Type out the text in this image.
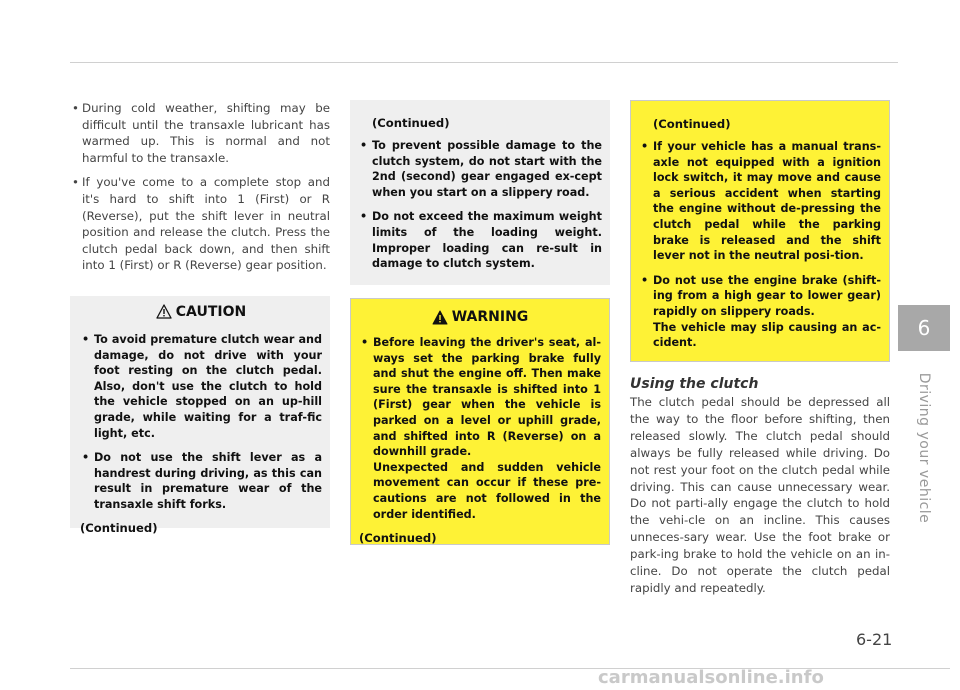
• During cold weather, shifting may be difficult until the transaxle lubricant has warmed up. This is normal and not harmful to the transaxle.
• If you've come to a complete stop and it's hard to shift into 1 (First) or R (Reverse), put the shift lever in neutral position and release the clutch. Press the clutch pedal back down, and then shift into 1 (First) or R (Reverse) gear position.
CAUTION
• To avoid premature clutch wear and damage, do not drive with your foot resting on the clutch pedal. Also, don't use the clutch to hold the vehicle stopped on an up-hill grade, while waiting for a traf-fic light, etc.
• Do not use the shift lever as a handrest during driving, as this can result in premature wear of the transaxle shift forks.
(Continued)
(Continued)
• To prevent possible damage to the clutch system, do not start with the 2nd (second) gear engaged ex-cept when you start on a slippery road.
• Do not exceed the maximum weight limits of the loading weight. Improper loading can re-sult in damage to clutch system.
WARNING
• Before leaving the driver's seat, al-ways set the parking brake fully and shut the engine off. Then make sure the transaxle is shifted into 1 (First) gear when the vehicle is parked on a level or uphill grade, and shifted into R (Reverse) on a downhill grade.
Unexpected and sudden vehicle movement can occur if these pre-cautions are not followed in the order identified.
(Continued)
(Continued)
• If your vehicle has a manual trans-axle not equipped with a ignition lock switch, it may move and cause a serious accident when starting the engine without de-pressing the clutch pedal while the parking brake is released and the shift lever not in the neutral posi-tion.
• Do not use the engine brake (shift-ing from a high gear to lower gear) rapidly on slippery roads.
The vehicle may slip causing an ac-cident.
Using the clutch

The clutch pedal should be depressed all the way to the floor before shifting, then released slowly. The clutch pedal should always be fully released while driving. Do not rest your foot on the clutch pedal while driving. This can cause unnecessary wear. Do not parti-ally engage the clutch to hold the vehi-cle on an incline. This causes unneces-sary wear. Use the foot brake or park-ing brake to hold the vehicle on an in-cline. Do not operate the clutch pedal rapidly and repeatedly.

6
Driving your vehicle
6-21
carmanualsonline.info
